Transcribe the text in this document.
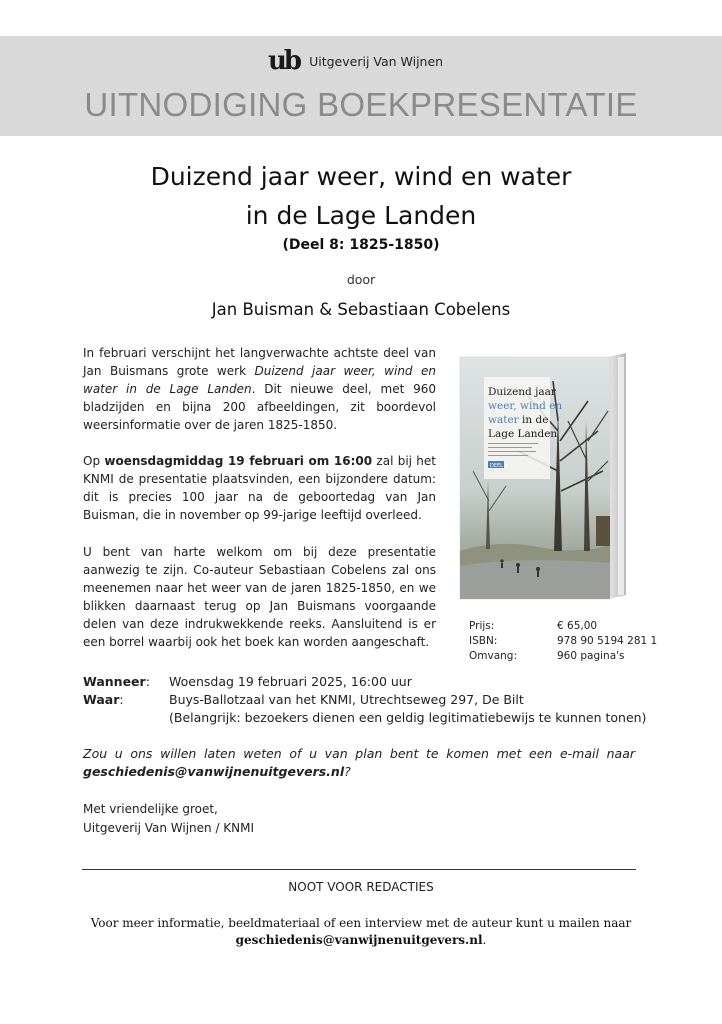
ub Uitgeverij Van Wijnen
UITNODIGING BOEKPRESENTATIE
Duizend jaar weer, wind en water
in de Lage Landen
(Deel 8: 1825-1850)
door
Jan Buisman & Sebastiaan Cobelens

In februari verschijnt het langverwachte achtste deel van Jan Buismans grote werk Duizend jaar weer, wind en water in de Lage Landen. Dit nieuwe deel, met 960 bladzijden en bijna 200 afbeeldingen, zit boordevol weersinformatie over de jaren 1825-1850.

Op woensdagmiddag 19 februari om 16:00 zal bij het KNMI de presentatie plaatsvinden, een bijzondere datum: dit is precies 100 jaar na de geboortedag van Jan Buisman, die in november op 99-jarige leeftijd overleed.

U bent van harte welkom om bij deze presentatie aanwezig te zijn. Co-auteur Sebastiaan Cobelens zal ons meenemen naar het weer van de jaren 1825-1850, en we blikken daarnaast terug op Jan Buismans voorgaande delen van deze indrukwekkende reeks. Aansluitend is er een borrel waarbij ook het boek kan worden aangeschaft.

Duizend jaar
weer, wind en
water in de
Lage Landen
DEEL 8
Prijs:	€ 65,00
ISBN:	978 90 5194 281 1
Omvang:	960 pagina's
Wanneer:	Woensdag 19 februari 2025, 16:00 uur
Waar:	Buys-Ballotzaal van het KNMI, Utrechtseweg 297, De Bilt
(Belangrijk: bezoekers dienen een geldig legitimatiebewijs te kunnen tonen)

Zou u ons willen laten weten of u van plan bent te komen met een e-mail naar geschiedenis@vanwijnenuitgevers.nl?

Met vriendelijke groet,
Uitgeverij Van Wijnen / KNMI
NOOT VOOR REDACTIES
Voor meer informatie, beeldmateriaal of een interview met de auteur kunt u mailen naar
geschiedenis@vanwijnenuitgevers.nl.
